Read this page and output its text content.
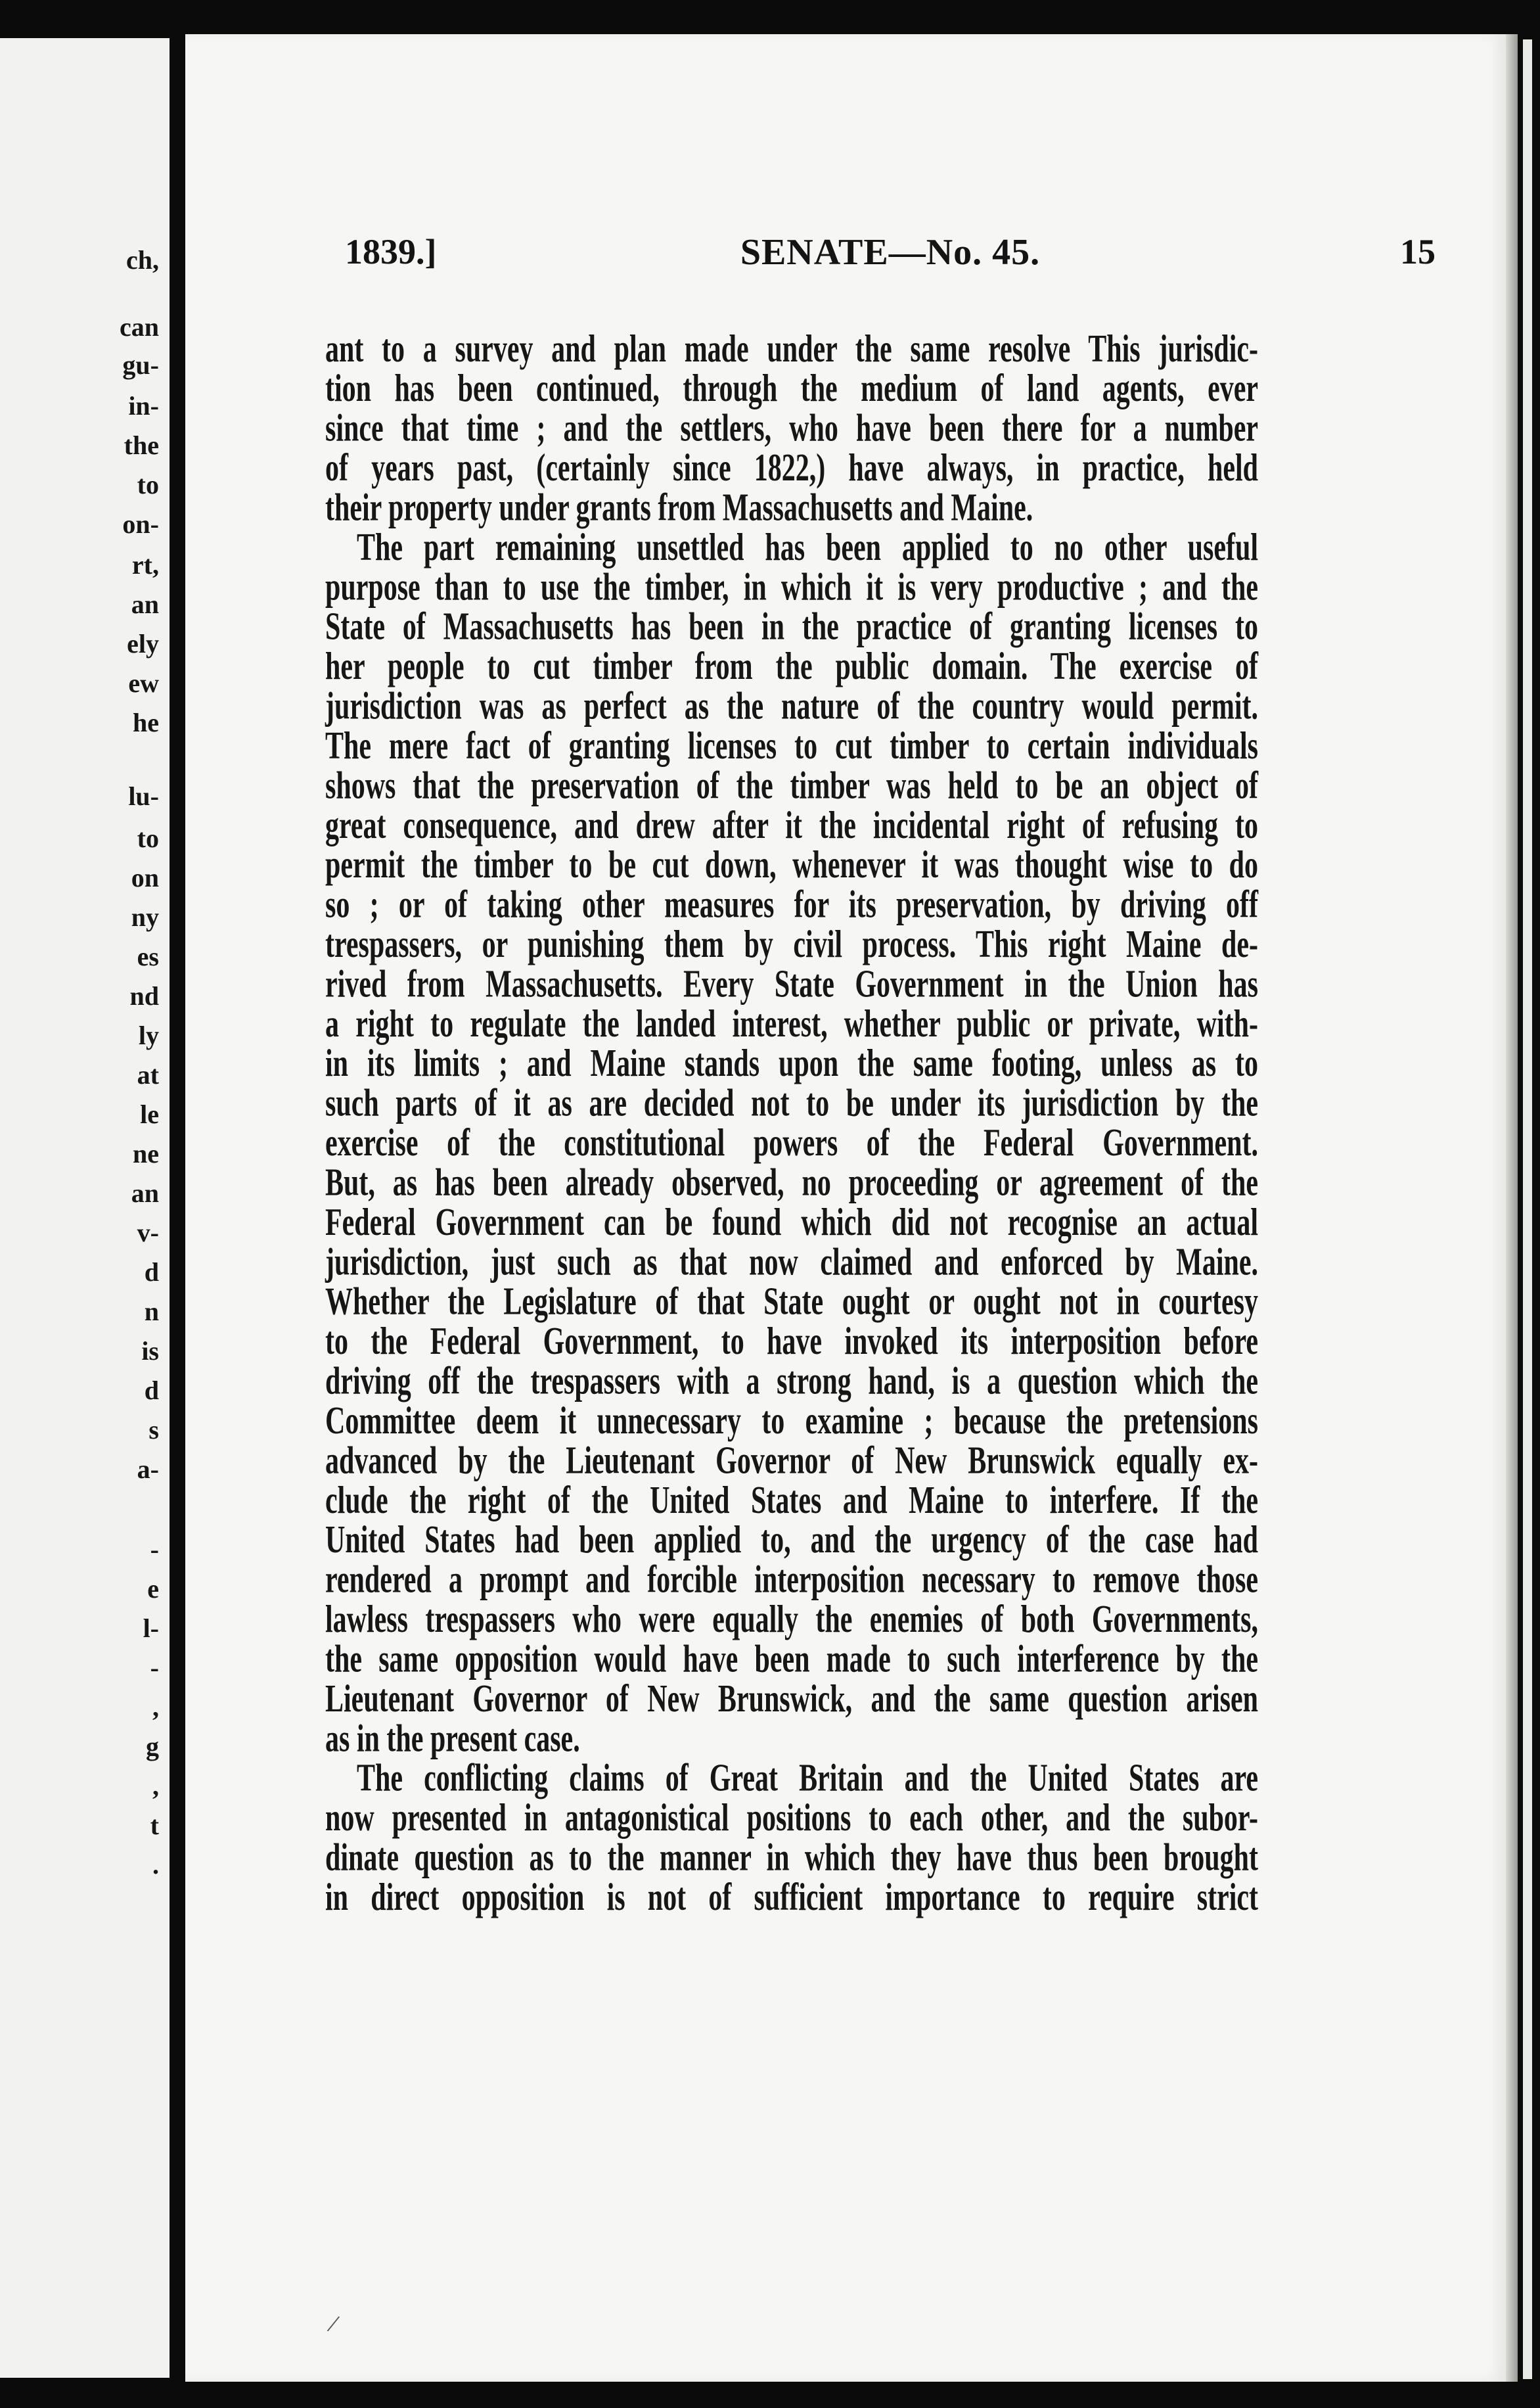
ch,
can
gu-
in-
the
to
on-
rt,
an
ely
ew
he
lu-
to
on
ny
es
nd
ly
at
le
ne
an
v-
d
n
is
d
s
a-
-
e
l-
-
,
g
,
t
.
1839.]	SENATE—No. 45.	15
ant to a survey and plan made under the same resolve This jurisdic-
tion has been continued, through the medium of land agents, ever
since that time ; and the settlers, who have been there for a number
of years past, (certainly since 1822,) have always, in practice, held
their property under grants from Massachusetts and Maine.
The part remaining unsettled has been applied to no other useful
purpose than to use the timber, in which it is very productive ; and the
State of Massachusetts has been in the practice of granting licenses to
her people to cut timber from the public domain. The exercise of
jurisdiction was as perfect as the nature of the country would permit.
The mere fact of granting licenses to cut timber to certain individuals
shows that the preservation of the timber was held to be an object of
great consequence, and drew after it the incidental right of refusing to
permit the timber to be cut down, whenever it was thought wise to do
so ; or of taking other measures for its preservation, by driving off
trespassers, or punishing them by civil process. This right Maine de-
rived from Massachusetts. Every State Government in the Union has
a right to regulate the landed interest, whether public or private, with-
in its limits ; and Maine stands upon the same footing, unless as to
such parts of it as are decided not to be under its jurisdiction by the
exercise of the constitutional powers of the Federal Government.
But, as has been already observed, no proceeding or agreement of the
Federal Government can be found which did not recognise an actual
jurisdiction, just such as that now claimed and enforced by Maine.
Whether the Legislature of that State ought or ought not in courtesy
to the Federal Government, to have invoked its interposition before
driving off the trespassers with a strong hand, is a question which the
Committee deem it unnecessary to examine ; because the pretensions
advanced by the Lieutenant Governor of New Brunswick equally ex-
clude the right of the United States and Maine to interfere. If the
United States had been applied to, and the urgency of the case had
rendered a prompt and forcible interposition necessary to remove those
lawless trespassers who were equally the enemies of both Governments,
the same opposition would have been made to such interference by the
Lieutenant Governor of New Brunswick, and the same question arisen
as in the present case.
The conflicting claims of Great Britain and the United States are
now presented in antagonistical positions to each other, and the subor-
dinate question as to the manner in which they have thus been brought
in direct opposition is not of sufficient importance to require strict
/
